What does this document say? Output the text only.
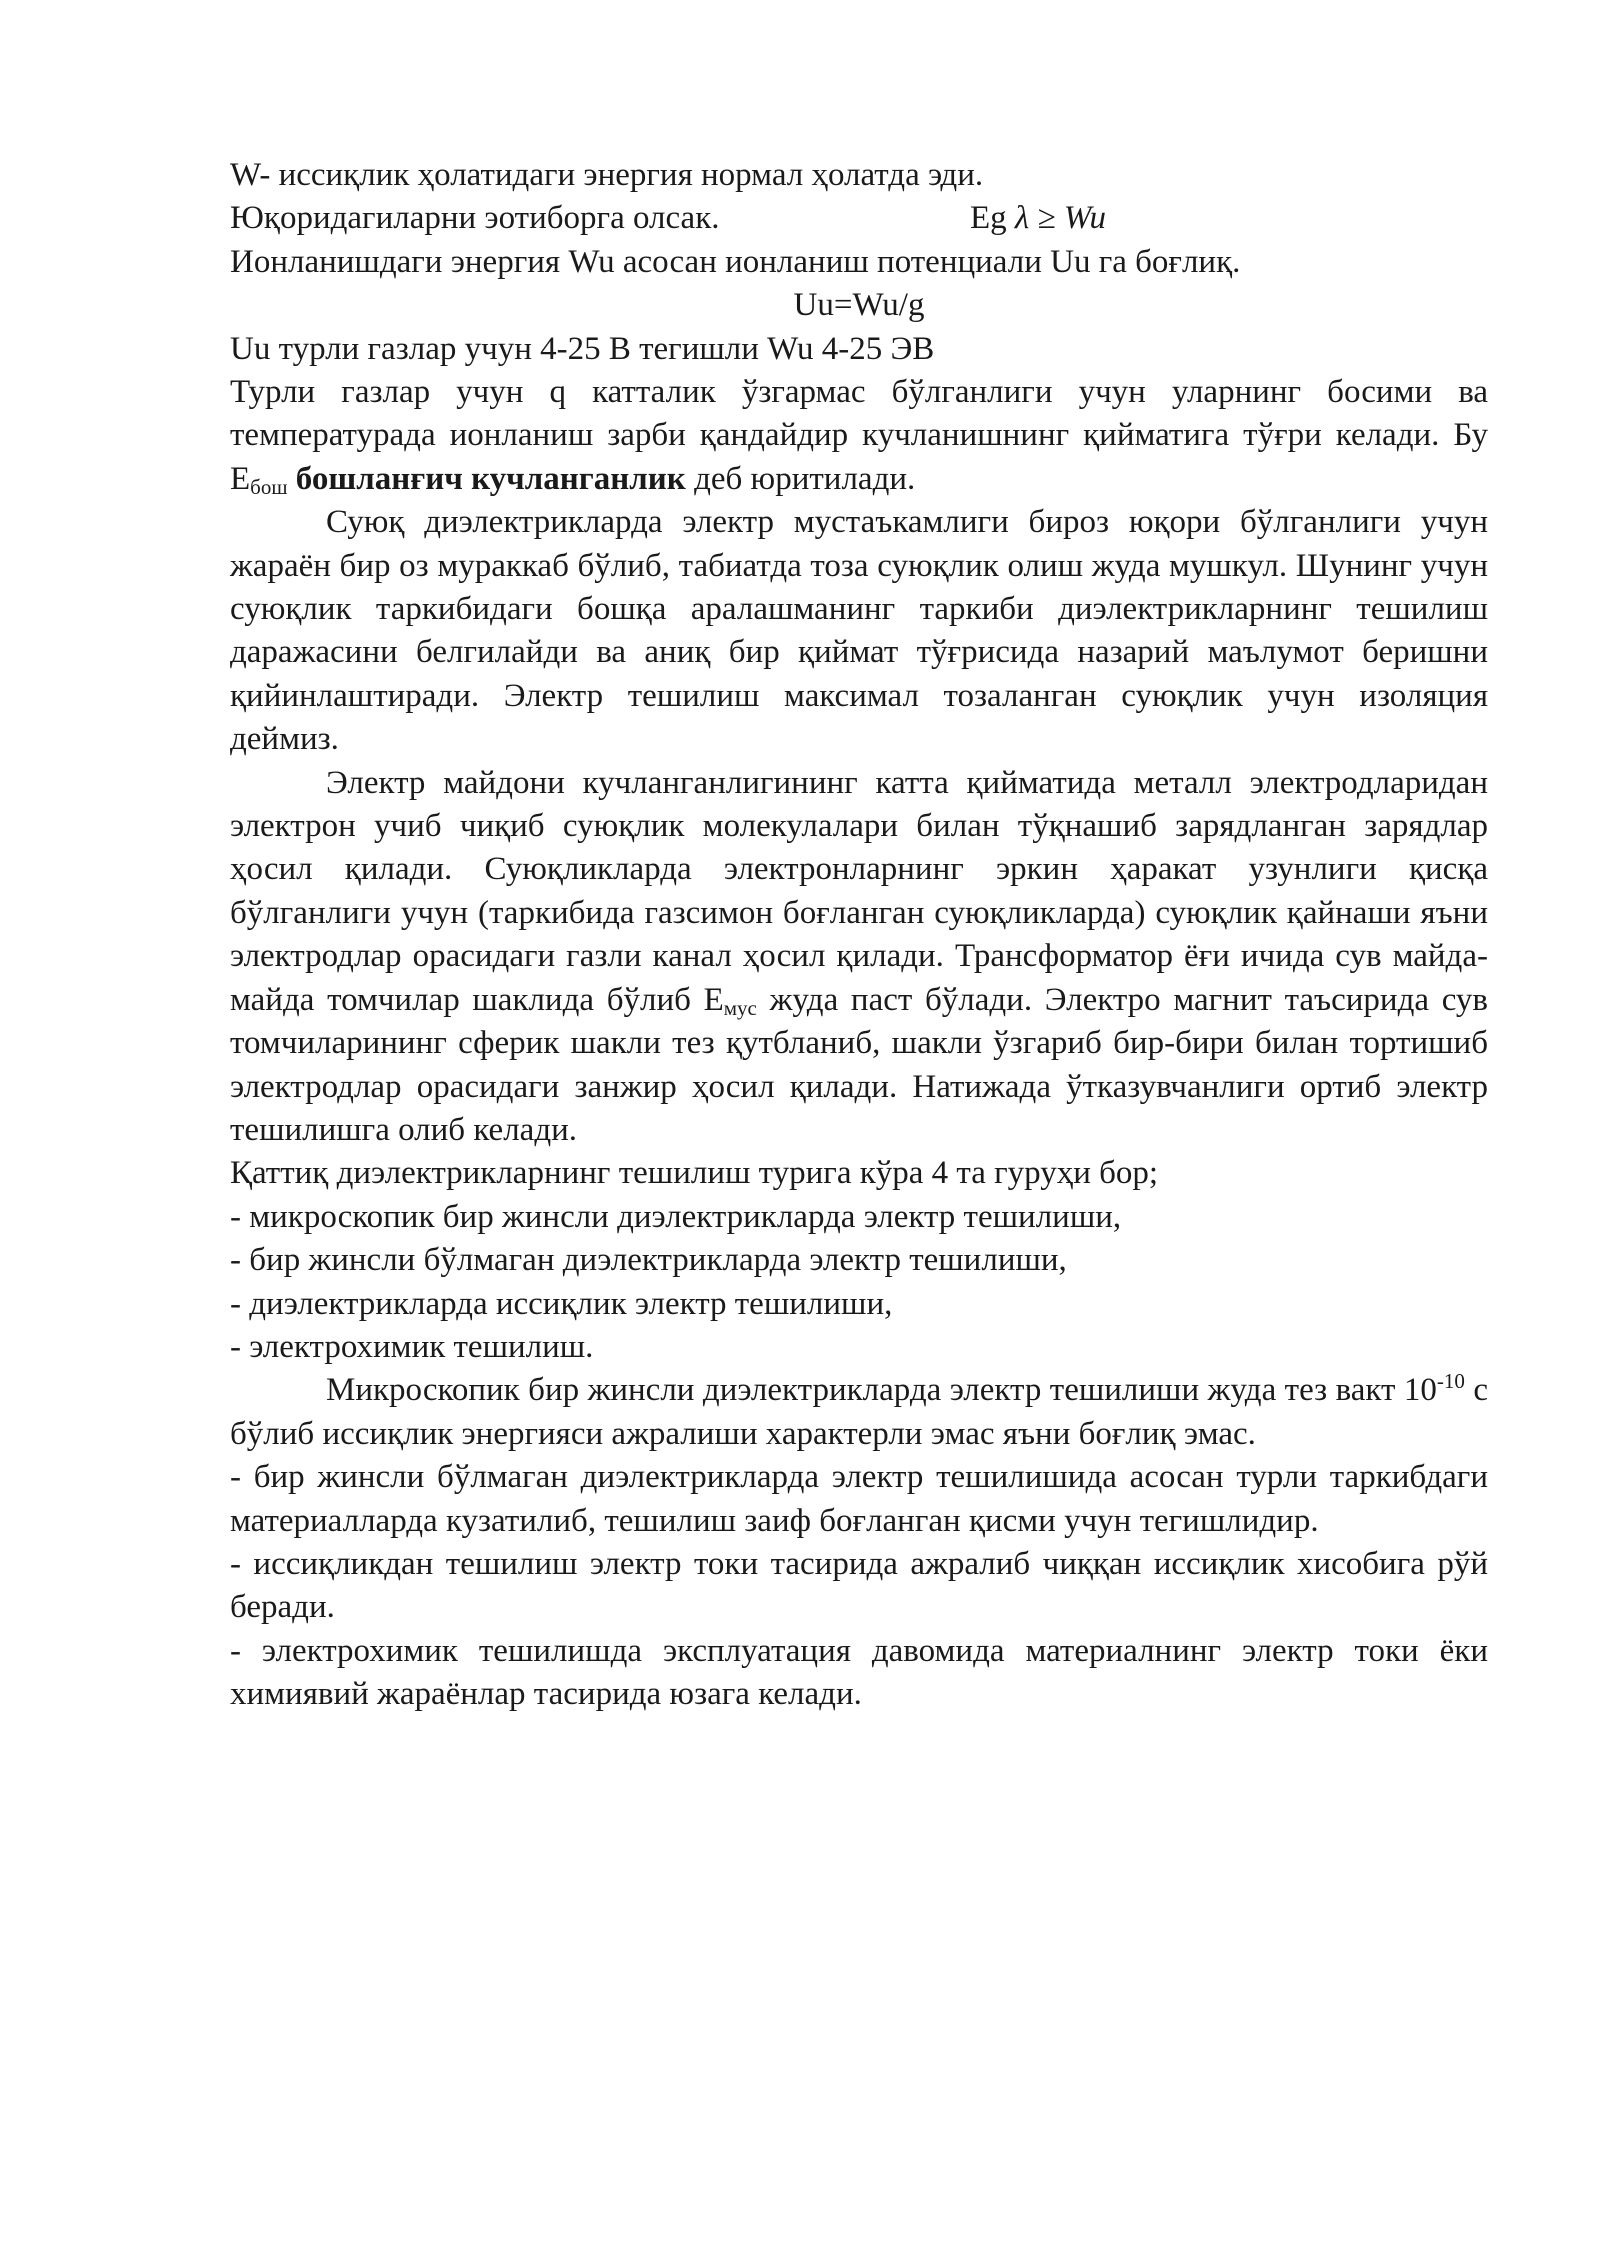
W- иссиқлик ҳолатидаги энергия нормал ҳолатда эди.

Юқоридагиларни эотиборга олсак.	Eg λ ≥ Wu

Ионланишдаги энергия Wu асосан ионланиш потенциали Uu га боғлиқ.

Uu=Wu/g

Uu турли газлар учун 4-25 В тегишли Wu 4-25 ЭВ

Турли газлар учун q катталик ўзгармас бўлганлиги учун уларнинг босими ва температурада ионланиш зарби қандайдир кучланишнинг қийматига тўғри келади. Бу $E_{бош}$ бошланғич кучланганлик деб юритилади.

Суюқ диэлектрикларда электр мустаъкамлиги бироз юқори бўлганлиги учун жараён бир оз мураккаб бўлиб, табиатда тоза суюқлик олиш жуда мушкул. Шунинг учун суюқлик таркибидаги бошқа аралашманинг таркиби диэлектрикларнинг тешилиш даражасини белгилайди ва аниқ бир қиймат тўғрисида назарий маълумот беришни қийинлаштиради. Электр тешилиш максимал тозаланган суюқлик учун изоляция деймиз.

Электр майдони кучланганлигининг катта қийматида металл электродларидан электрон учиб чиқиб суюқлик молекулалари билан тўқнашиб зарядланган зарядлар ҳосил қилади. Суюқликларда электронларнинг эркин ҳаракат узунлиги қисқа бўлганлиги учун (таркибида газсимон боғланган суюқликларда) суюқлик қайнаши яъни электродлар орасидаги газли канал ҳосил қилади. Трансформатор ёғи ичида сув майда-майда томчилар шаклида бўлиб $E_{мус}$ жуда паст бўлади. Электро магнит таъсирида сув томчиларининг сферик шакли тез қутбланиб, шакли ўзгариб бир-бири билан тортишиб электродлар орасидаги занжир ҳосил қилади. Натижада ўтказувчанлиги ортиб электр тешилишга олиб келади.

Қаттиқ диэлектрикларнинг тешилиш турига кўра 4 та гуруҳи бор;

- микроскопик бир жинсли диэлектрикларда электр тешилиши,

- бир жинсли бўлмаган диэлектрикларда электр тешилиши,

- диэлектрикларда иссиқлик электр тешилиши,

- электрохимик тешилиш.

Микроскопик бир жинсли диэлектрикларда электр тешилиши жуда тез вакт $10^{-10}$ с бўлиб иссиқлик энергияси ажралиши характерли эмас яъни боғлиқ эмас.

- бир жинсли бўлмаган диэлектрикларда электр тешилишида асосан турли таркибдаги материалларда кузатилиб, тешилиш заиф боғланган қисми учун тегишлидир.

- иссиқликдан тешилиш электр токи тасирида ажралиб чиққан иссиқлик хисобига рўй беради.

- электрохимик тешилишда эксплуатация давомида материалнинг электр токи ёки химиявий жараёнлар тасирида юзага келади.
